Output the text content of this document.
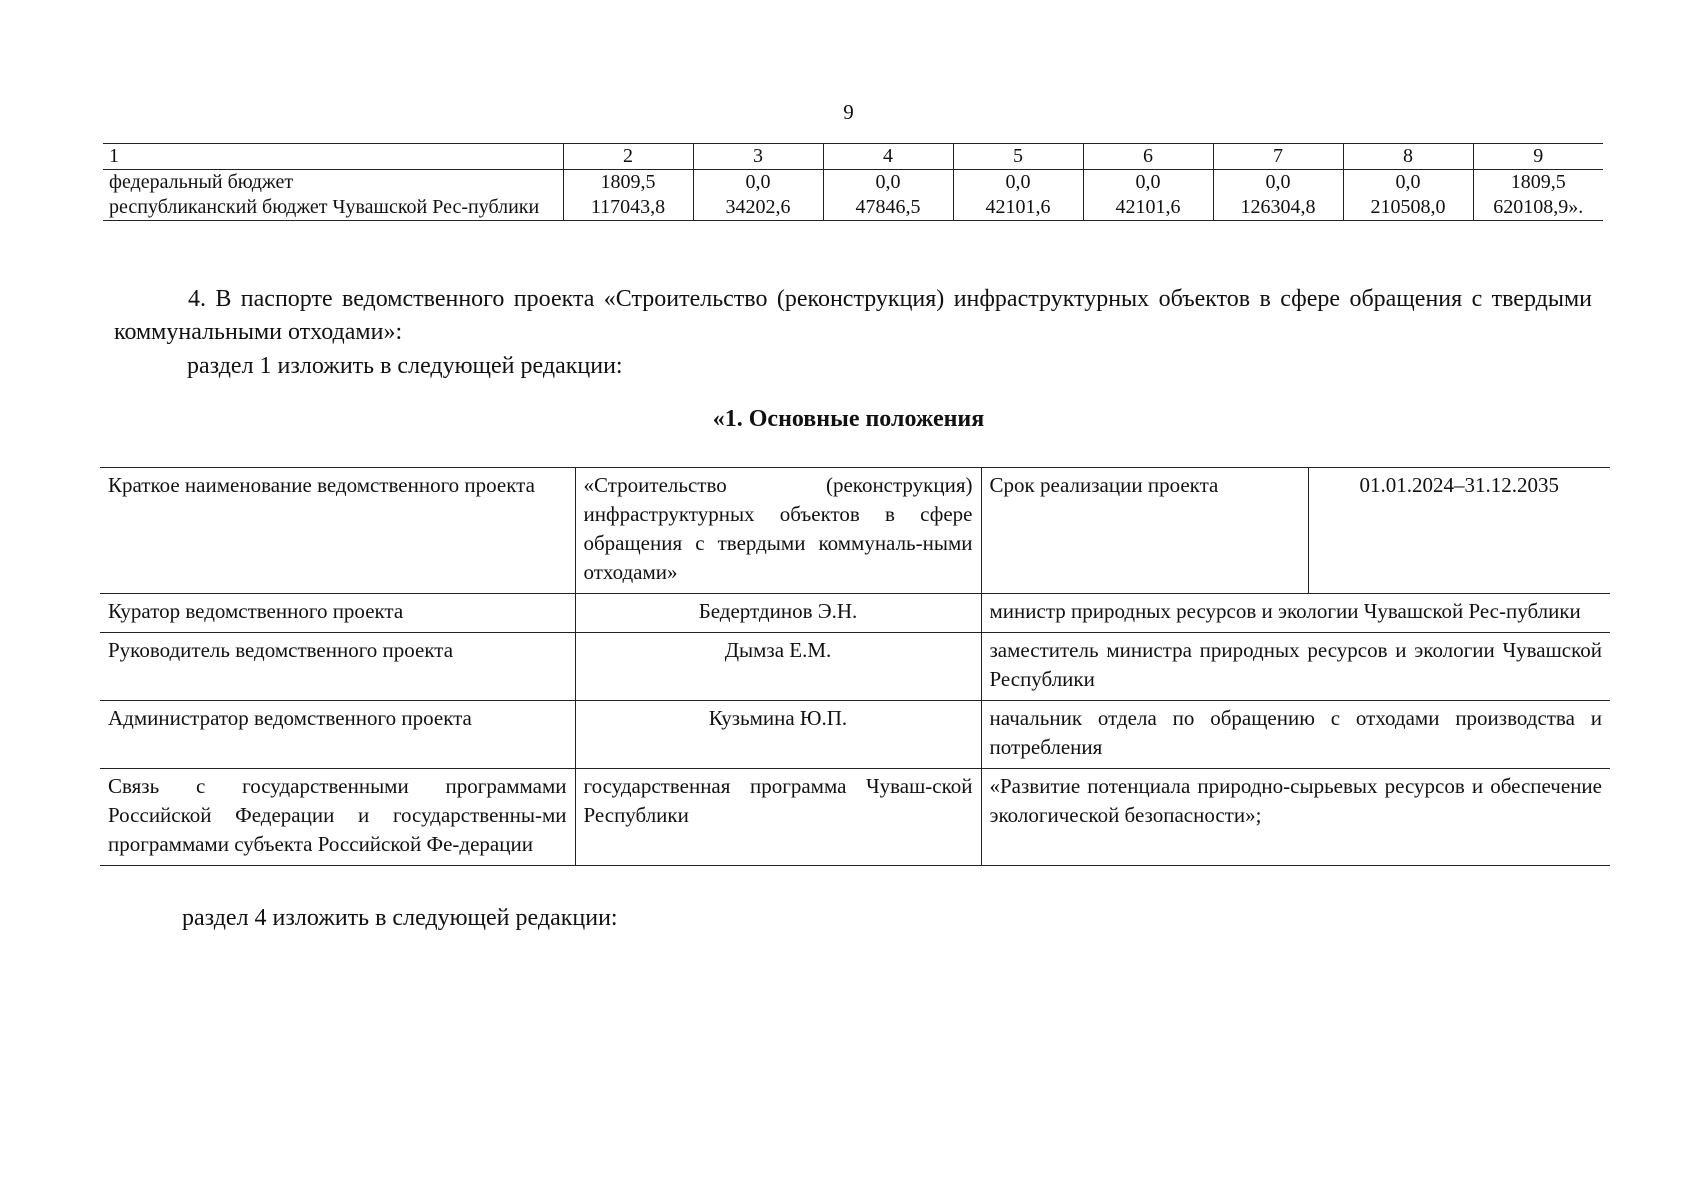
9
1	2	3	4	5	6	7	8	9
федеральный бюджет	1809,5	0,0	0,0	0,0	0,0	0,0	0,0	1809,5
республиканский бюджет Чувашской Рес-публики	117043,8	34202,6	47846,5	42101,6	42101,6	126304,8	210508,0	620108,9».
4. В паспорте ведомственного проекта «Строительство (реконструкция) инфраструктурных объектов в сфере обращения с твердыми коммунальными отходами»:
раздел 1 изложить в следующей редакции:
«1. Основные положения
Краткое наименование ведомственного проекта	«Строительство (реконструкция) инфраструктурных объектов в сфере обращения с твердыми коммуналь-ными отходами»	Срок реализации проекта	01.01.2024–31.12.2035
Куратор ведомственного проекта	Бедертдинов Э.Н.	министр природных ресурсов и экологии Чувашской Рес-публики	
Руководитель ведомственного проекта	Дымза Е.М.	заместитель министра природных ресурсов и экологии Чувашской Республики	
Администратор ведомственного проекта	Кузьмина Ю.П.	начальник отдела по обращению с отходами производства и потребления	
Связь с государственными программами Российской Федерации и государственны-ми программами субъекта Российской Фе-дерации	государственная программа Чуваш-ской Республики	«Развитие потенциала природно-сырьевых ресурсов и обеспечение экологической безопасности»;	
раздел 4 изложить в следующей редакции:
